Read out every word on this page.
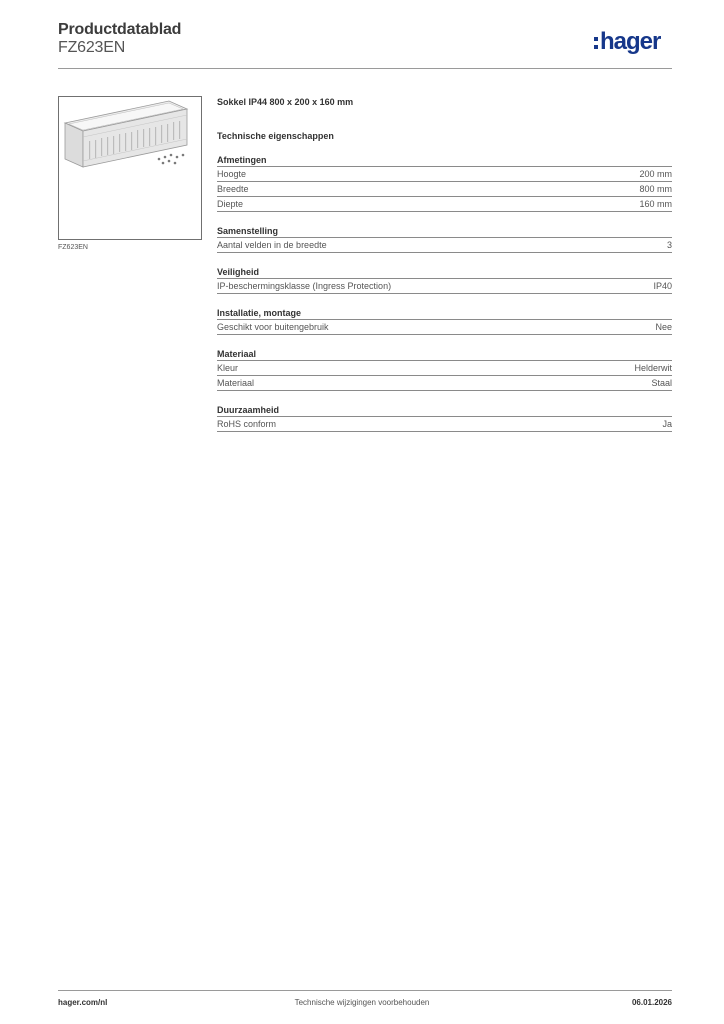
Productdatablad
FZ623EN	hager
FZ623EN
Sokkel IP44 800 x 200 x 160 mm
Technische eigenschappen
Afmetingen
Hoogte	200 mm
Breedte	800 mm
Diepte	160 mm
Samenstelling
Aantal velden in de breedte	3
Veiligheid
IP-beschermingsklasse (Ingress Protection)	IP40
Installatie, montage
Geschikt voor buitengebruik	Nee
Materiaal
Kleur	Helderwit
Materiaal	Staal
Duurzaamheid
RoHS conform	Ja
hager.com/nl	Technische wijzigingen voorbehouden	06.01.2026
